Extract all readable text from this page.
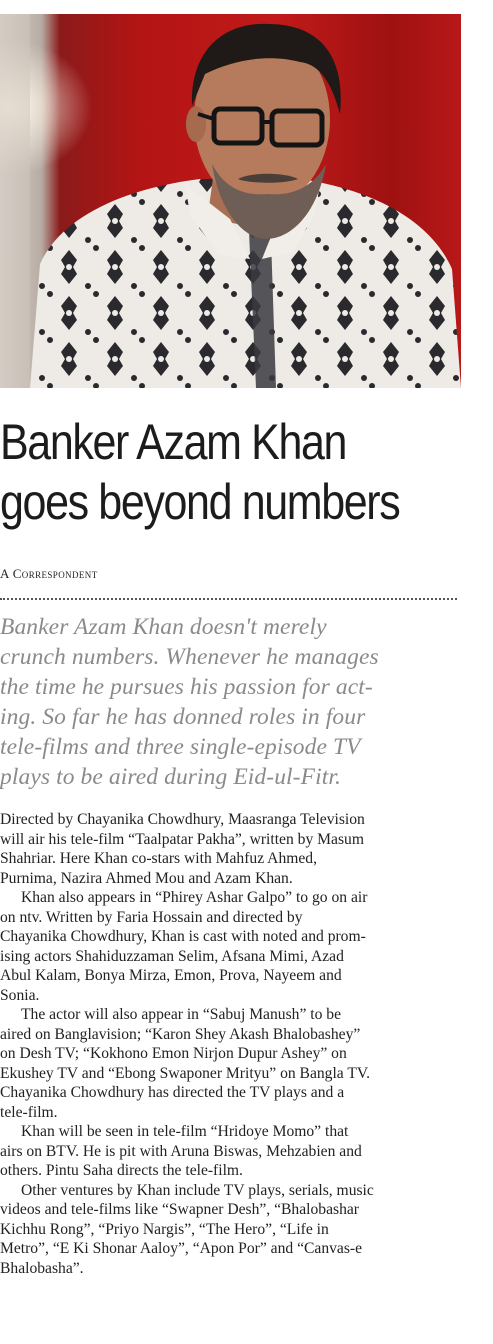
Banker Azam Khan
goes beyond numbers
A Correspondent

Banker Azam Khan doesn't merely
crunch numbers. Whenever he manages
the time he pursues his passion for act-
ing. So far he has donned roles in four
tele-films and three single-episode TV
plays to be aired during Eid-ul-Fitr.

Directed by Chayanika Chowdhury, Maasranga Television
will air his tele-film “Taalpatar Pakha”, written by Masum
Shahriar. Here Khan co-stars with Mahfuz Ahmed,
Purnima, Nazira Ahmed Mou and Azam Khan.
Khan also appears in “Phirey Ashar Galpo” to go on air
on ntv. Written by Faria Hossain and directed by
Chayanika Chowdhury, Khan is cast with noted and prom-
ising actors Shahiduzzaman Selim, Afsana Mimi, Azad
Abul Kalam, Bonya Mirza, Emon, Prova, Nayeem and
Sonia.
The actor will also appear in “Sabuj Manush” to be
aired on Banglavision; “Karon Shey Akash Bhalobashey”
on Desh TV; “Kokhono Emon Nirjon Dupur Ashey” on
Ekushey TV and “Ebong Swaponer Mrityu” on Bangla TV.
Chayanika Chowdhury has directed the TV plays and a
tele-film.
Khan will be seen in tele-film “Hridoye Momo” that
airs on BTV. He is pit with Aruna Biswas, Mehzabien and
others. Pintu Saha directs the tele-film.
Other ventures by Khan include TV plays, serials, music
videos and tele-films like “Swapner Desh”, “Bhalobashar
Kichhu Rong”, “Priyo Nargis”, “The Hero”, “Life in
Metro”, “E Ki Shonar Aaloy”, “Apon Por” and “Canvas-e
Bhalobasha”.
